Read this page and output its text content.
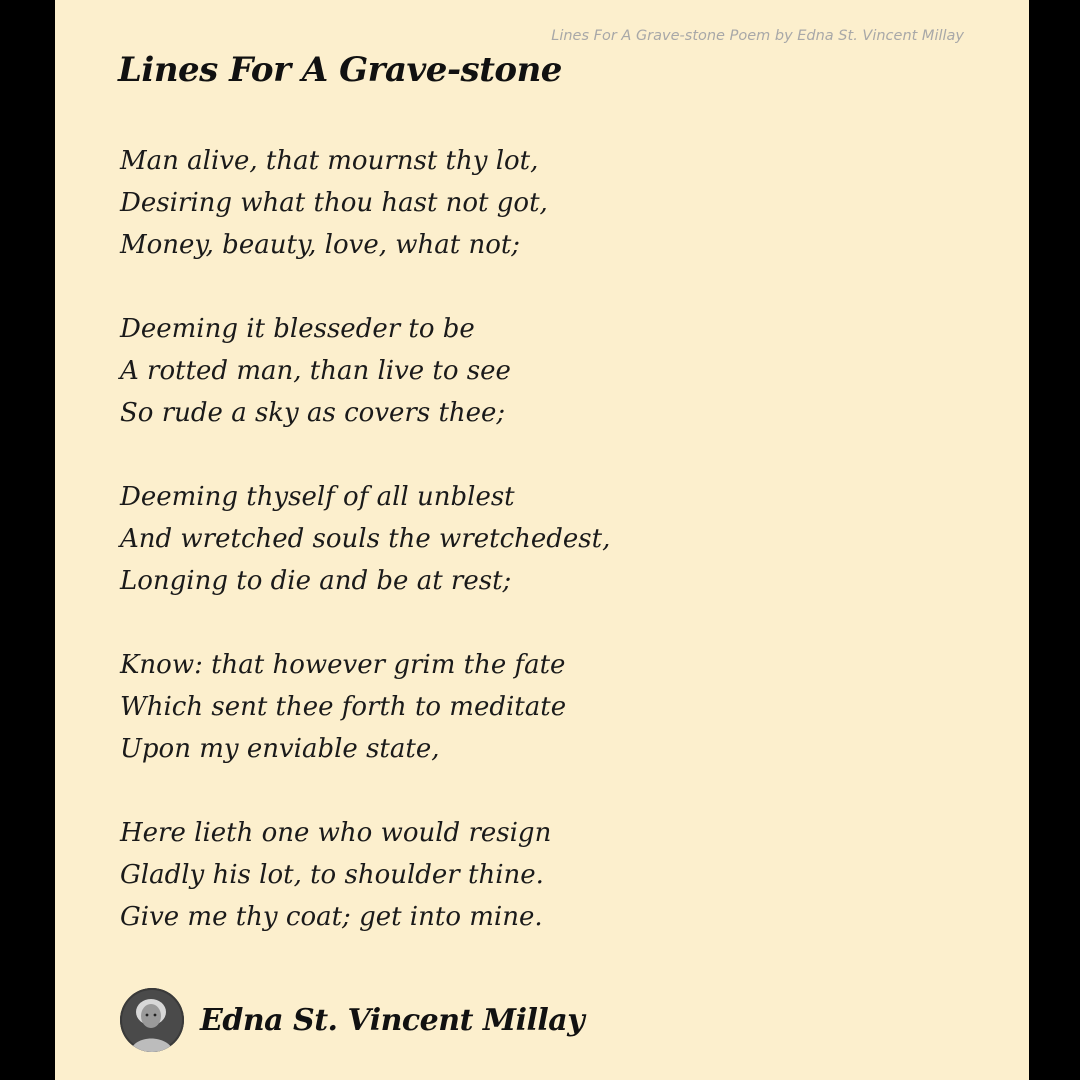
Lines For A Grave-stone Poem by Edna St. Vincent Millay
Lines For A Grave-stone
Man alive, that mournst thy lot,
Desiring what thou hast not got,
Money, beauty, love, what not;
Deeming it blesseder to be
A rotted man, than live to see
So rude a sky as covers thee;
Deeming thyself of all unblest
And wretched souls the wretchedest,
Longing to die and be at rest;
Know: that however grim the fate
Which sent thee forth to meditate
Upon my enviable state,
Here lieth one who would resign
Gladly his lot, to shoulder thine.
Give me thy coat; get into mine.
Edna St. Vincent Millay
